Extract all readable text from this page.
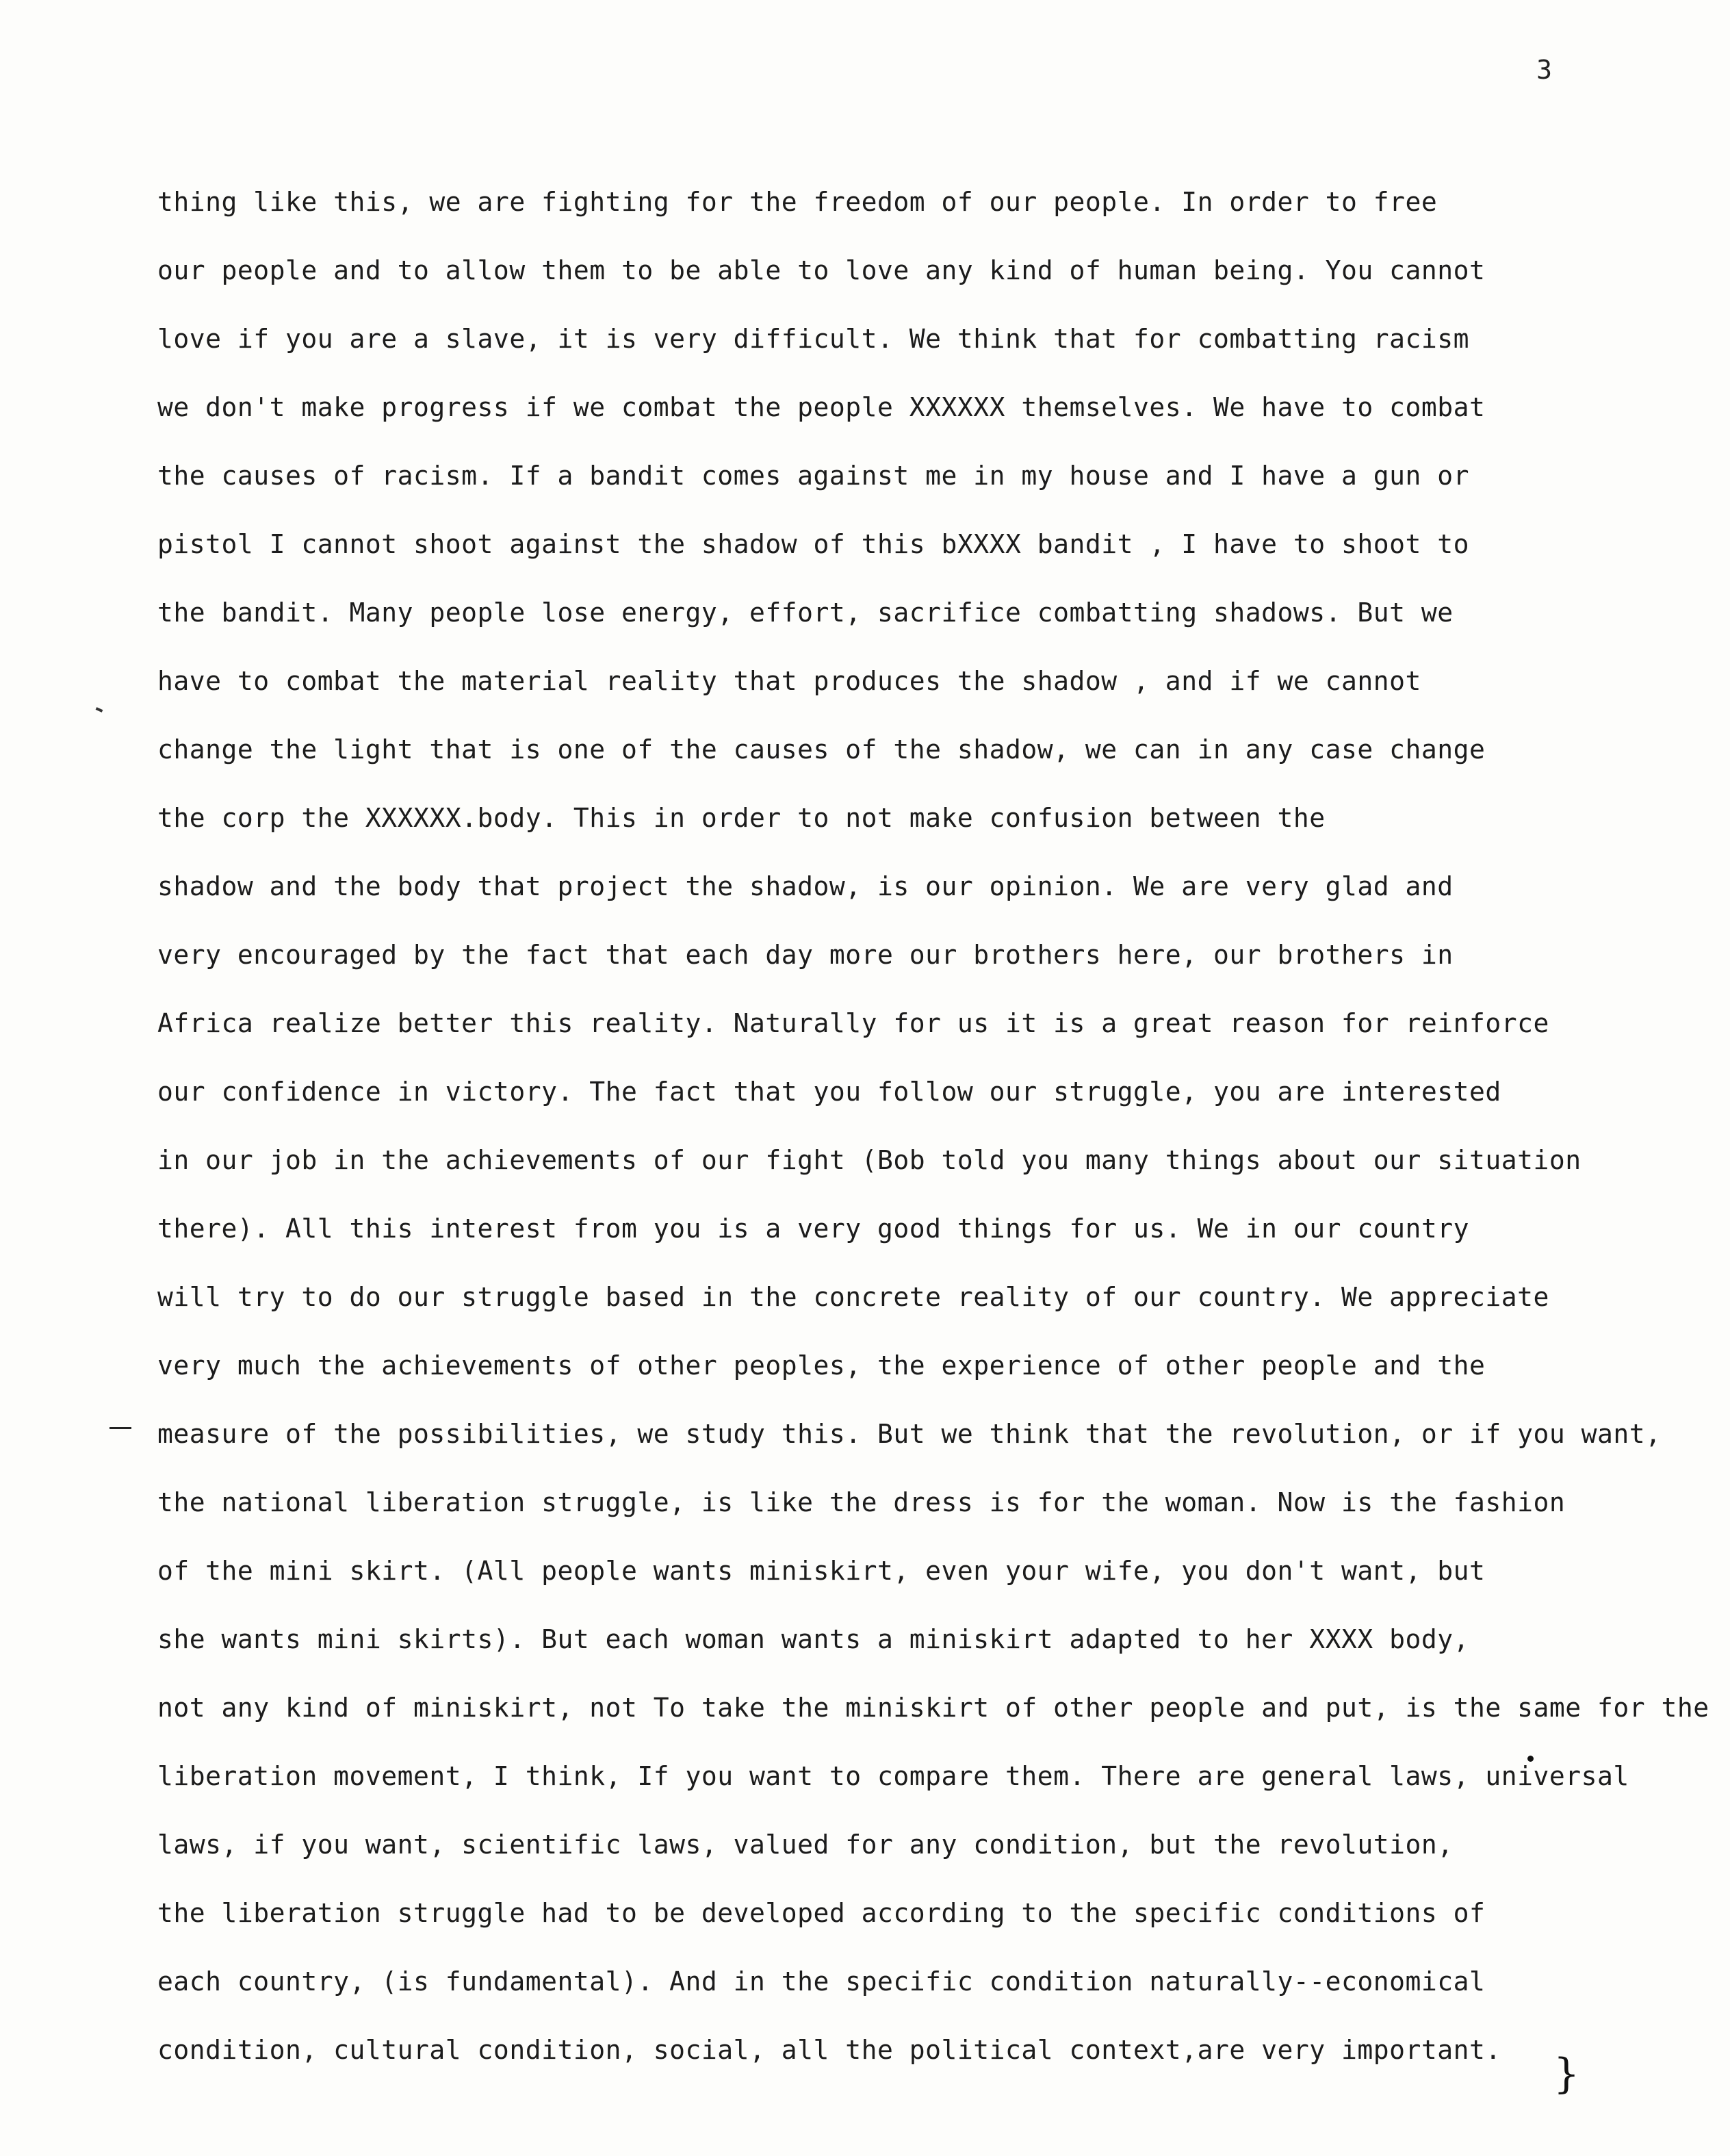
3
}
thing like this, we are fighting for the freedom of our people. In order to free
our people and to allow them to be able to love any kind of human being. You cannot
love if you are a slave, it is very difficult. We think that for combatting racism
we don't make progress if we combat the people XXXXXX themselves. We have to combat
the causes of racism. If a bandit comes against me in my house and I have a gun or
pistol I cannot shoot against the shadow of this bXXXX bandit , I have to shoot to
the bandit. Many people lose energy, effort, sacrifice combatting shadows. But we
have to combat the material reality that produces the shadow , and if we cannot
change the light that is one of the causes of the shadow, we can in any case change
the corp the XXXXXX.body. This in order to not make confusion between the
shadow and the body that project the shadow, is our opinion. We are very glad and
very encouraged by the fact that each day more our brothers here, our brothers in
Africa realize better this reality. Naturally for us it is a great reason for reinforce
our confidence in victory. The fact that you follow our struggle, you are interested
in our job in the achievements of our fight (Bob told you many things about our situation
there). All this interest from you is a very good things for us. We in our country
will try to do our struggle based in the concrete reality of our country. We appreciate
very much the achievements of other peoples, the experience of other people and the
measure of the possibilities, we study this. But we think that the revolution, or if you want,
the national liberation struggle, is like the dress is for the woman. Now is the fashion
of the mini skirt. (All people wants miniskirt, even your wife, you don't want, but
she wants mini skirts). But each woman wants a miniskirt adapted to her XXXX body,
not any kind of miniskirt, not To take the miniskirt of other people and put, is the same for the
liberation movement, I think, If you want to compare them. There are general laws, universal
laws, if you want, scientific laws, valued for any condition, but the revolution,
the liberation struggle had to be developed according to the specific conditions of
each country, (is fundamental). And in the specific condition naturally--economical
condition, cultural condition, social, all the political context,are very important.
